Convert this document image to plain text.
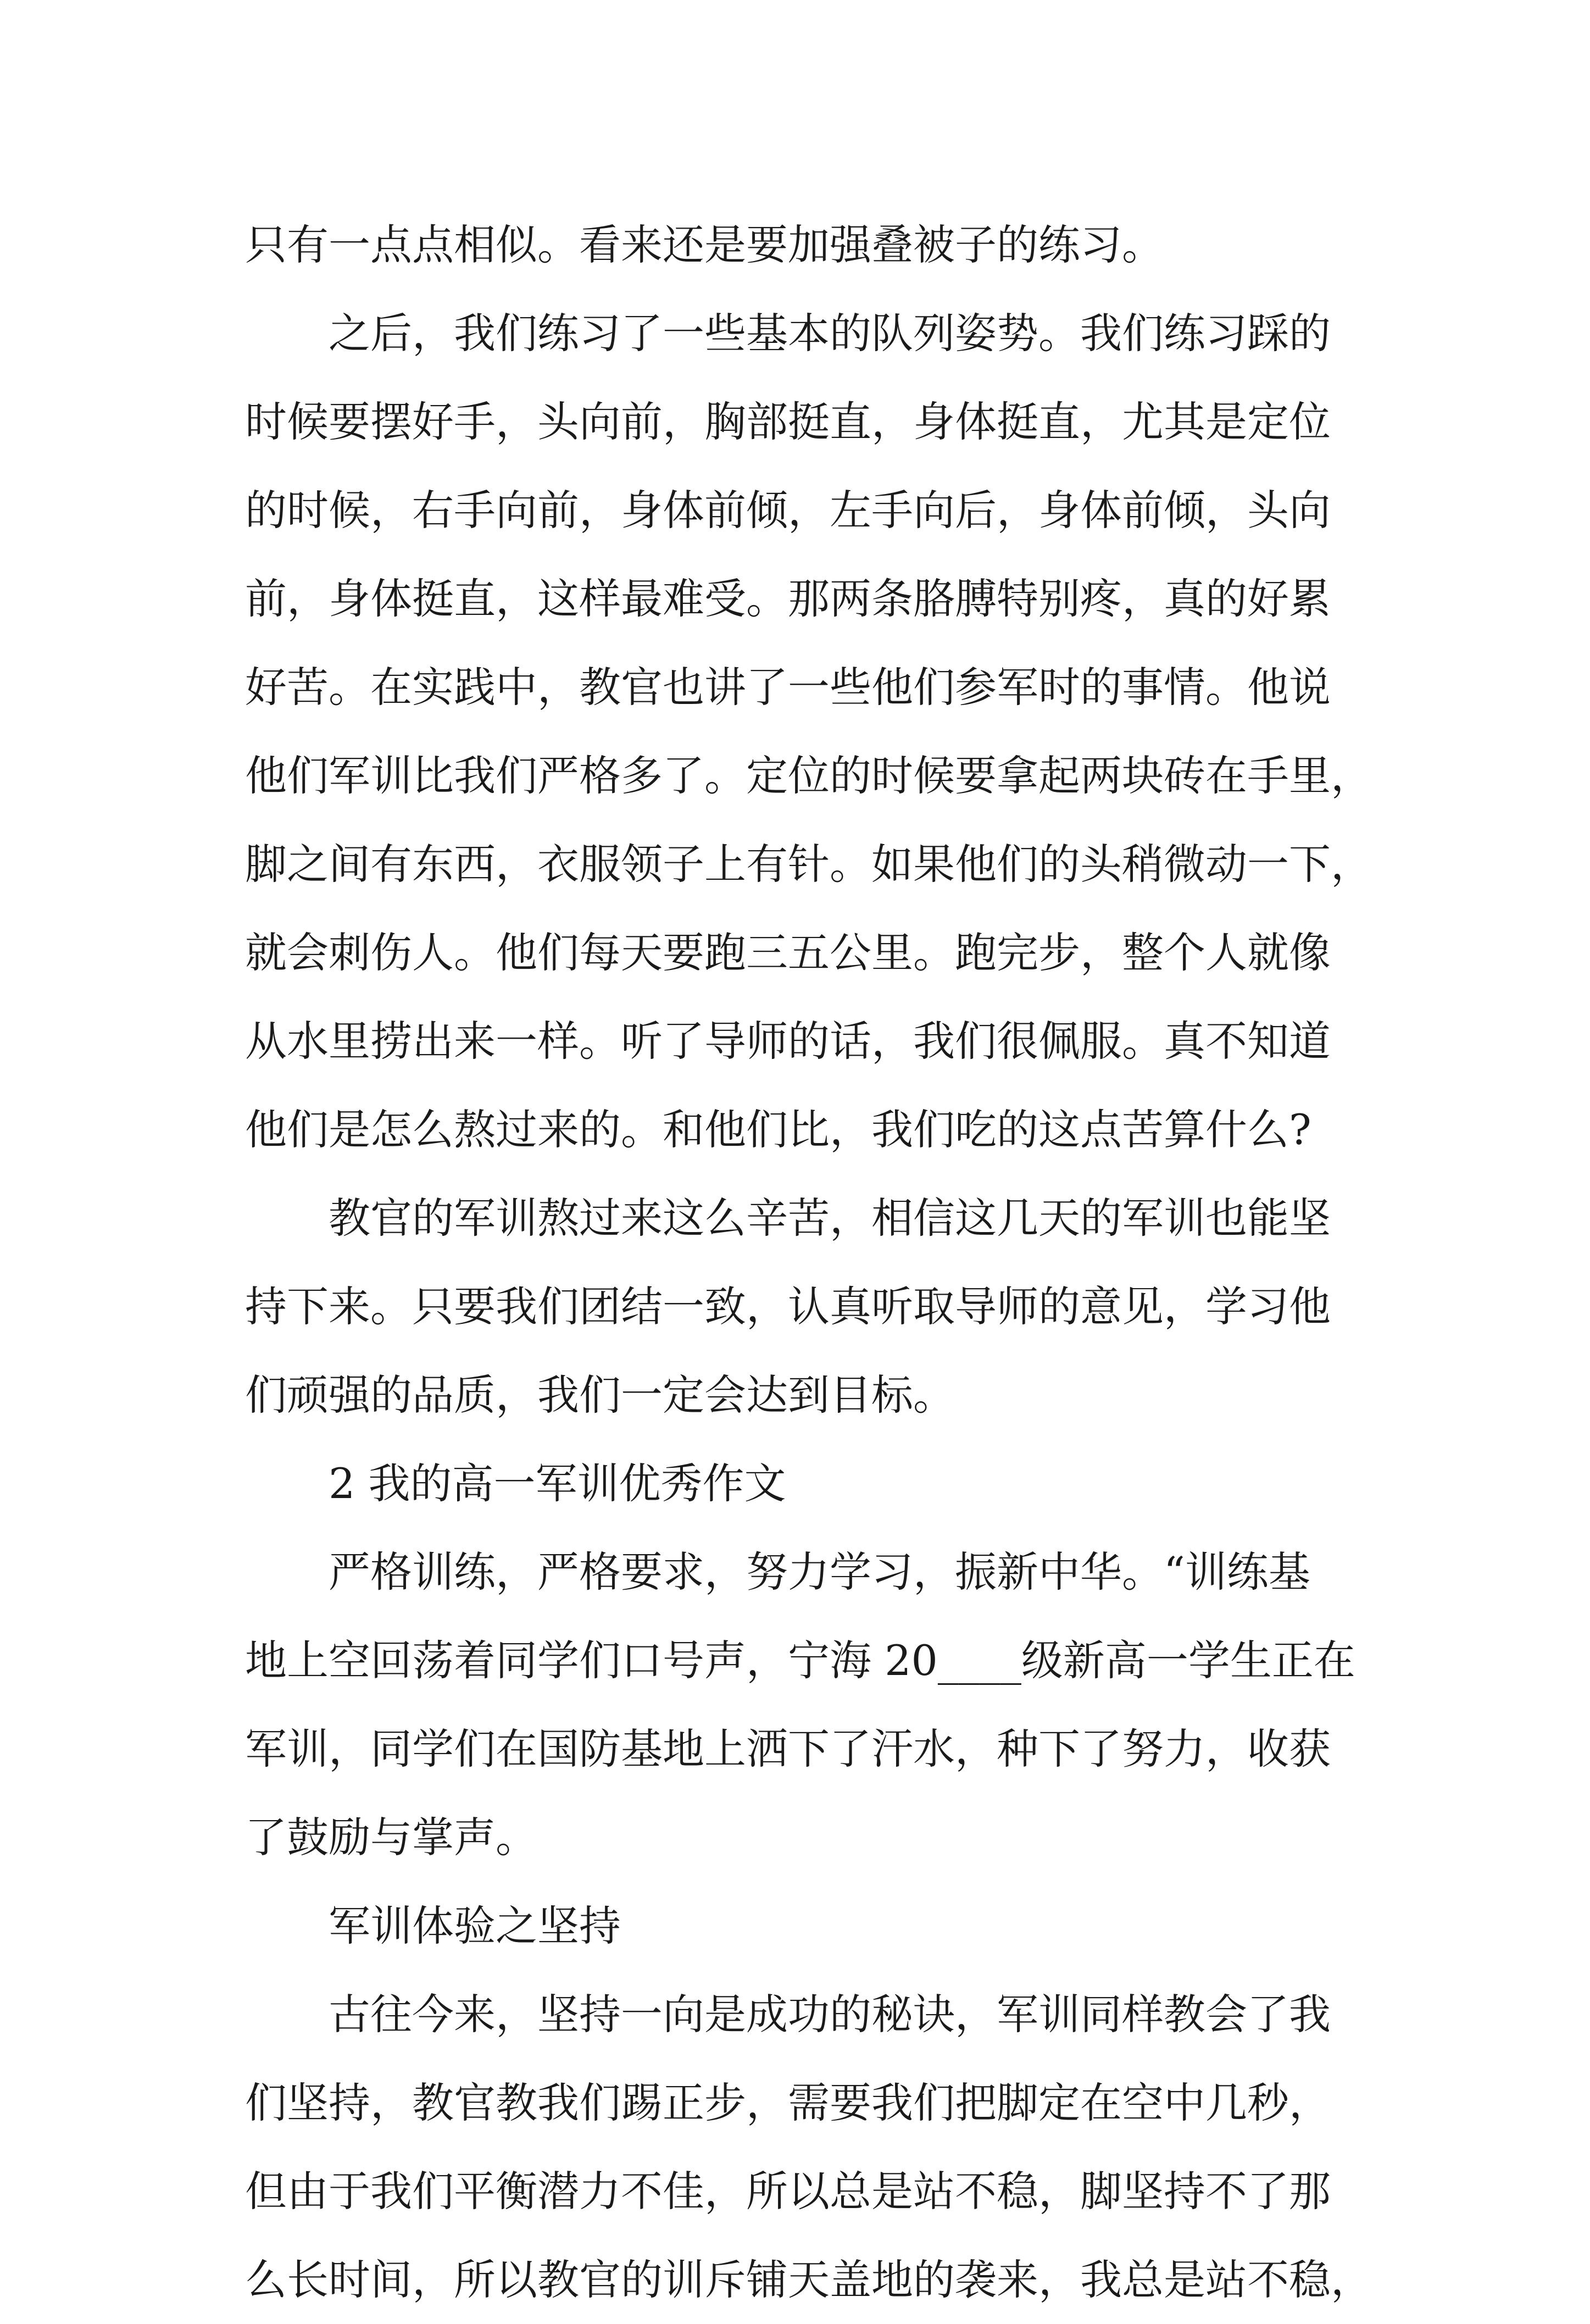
只有一点点相似。看来还是要加强叠被子的练习。
之后，我们练习了一些基本的队列姿势。我们练习踩的
时候要摆好手，头向前，胸部挺直，身体挺直，尤其是定位
的时候，右手向前，身体前倾，左手向后，身体前倾，头向
前，身体挺直，这样最难受。那两条胳膊特别疼，真的好累
好苦。在实践中，教官也讲了一些他们参军时的事情。他说
他们军训比我们严格多了。定位的时候要拿起两块砖在手里，
脚之间有东西，衣服领子上有针。如果他们的头稍微动一下，
就会刺伤人。他们每天要跑三五公里。跑完步，整个人就像
从水里捞出来一样。听了导师的话，我们很佩服。真不知道
他们是怎么熬过来的。和他们比，我们吃的这点苦算什么?
教官的军训熬过来这么辛苦，相信这几天的军训也能坚
持下来。只要我们团结一致，认真听取导师的意见，学习他
们顽强的品质，我们一定会达到目标。
2 我的高一军训优秀作文
严格训练，严格要求，努力学习，振新中华。“训练基
地上空回荡着同学们口号声，宁海 20____级新高一学生正在
军训，同学们在国防基地上洒下了汗水，种下了努力，收获
了鼓励与掌声。
军训体验之坚持
古往今来，坚持一向是成功的秘诀，军训同样教会了我
们坚持，教官教我们踢正步，需要我们把脚定在空中几秒，
但由于我们平衡潜力不佳，所以总是站不稳，脚坚持不了那
么长时间，所以教官的训斥铺天盖地的袭来，我总是站不稳，
